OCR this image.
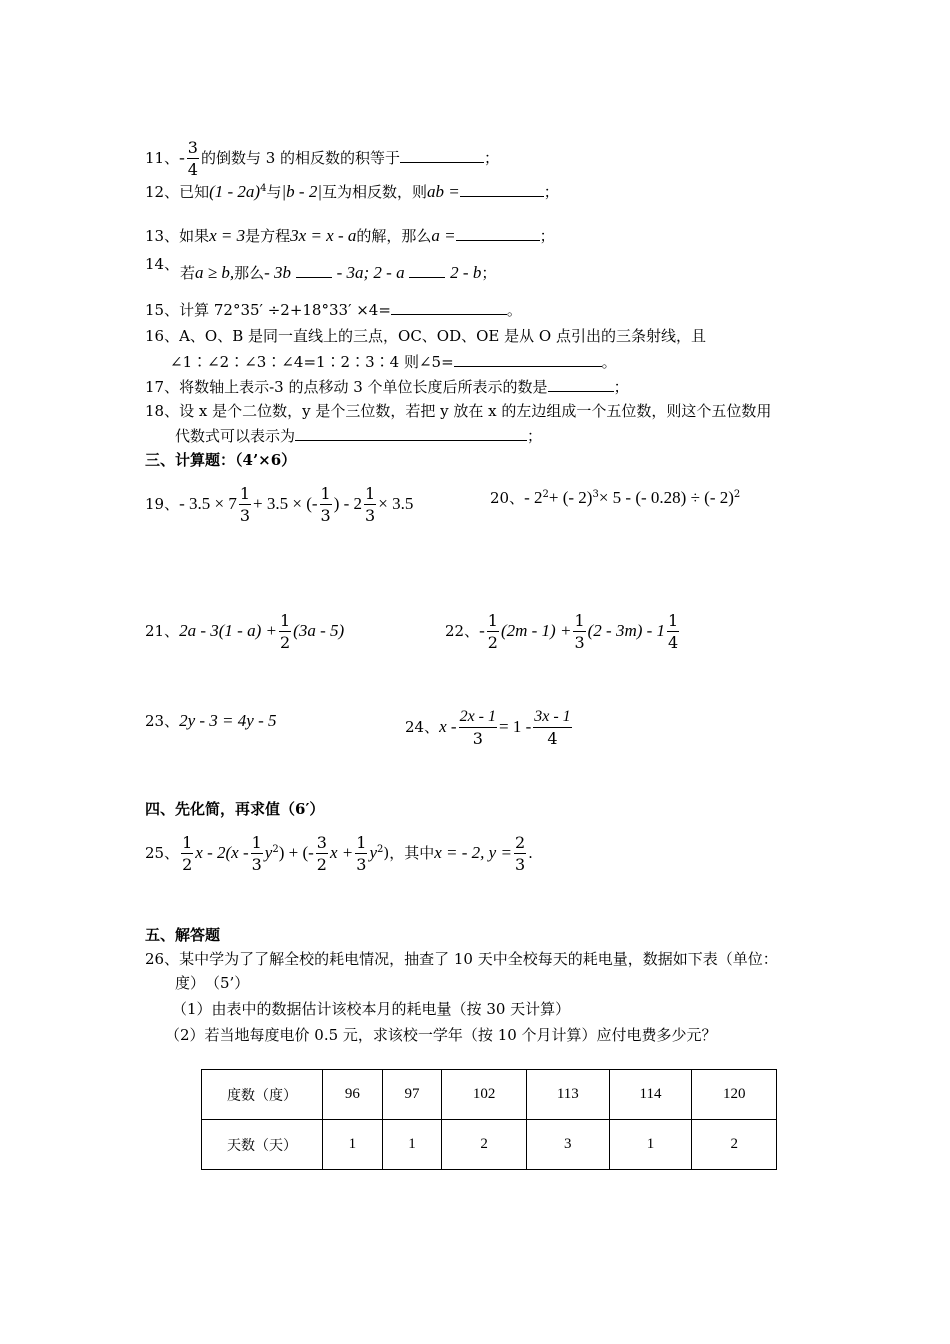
11、- $\frac{3}{4}$ 的倒数与 3 的相反数的积等于	；
12、已知(1 - 2a)$^4$与|b - 2|互为相反数，则ab =	；
13、如果x = 3是方程3x = x - a的解，那么a =	；
14、 若a ≥ b,那么- 3b	- 3a; 2 - a	2 - b；
15、计算 72°35′ ÷2+18°33′ ×4=	。
16、A、O、B 是同一直线上的三点，OC、OD、OE 是从 O 点引出的三条射线，且
∠1∶∠2∶∠3∶∠4=1∶2∶3∶4 则∠5=	。
17、将数轴上表示-3 的点移动 3 个单位长度后所表示的数是	；
18、设 x 是个二位数，y 是个三位数，若把 y 放在 x 的左边组成一个五位数，则这个五位数用
代数式可以表示为	；
三、计算题：（4’×6）
19、- $3.5 \times 7 \frac{1}{3} + 3.5$ × (- $\frac{1}{3}$ ) - $2 \frac{1}{3} \times 3.5$	20、- $2^2+$ (- 2)$^3$× 5 - (- 0.28) ÷ (- 2)$^2$
21、$2a - 3(1 - a) + \frac{1}{2} (3a - 5)$	22、- $\frac{1}{2} (2m - 1) + \frac{1}{3} (2 - 3m) - 1 \frac{1}{4}$
23、2y - 3 = 4y - 5	24、$x - \frac{2x - 1}{3} = 1 - \frac{3x - 1}{4}$
四、先化简，再求值（6′）
25、 $\frac{1}{2}$ x - $2(x - \frac{1}{3} y^2)$ + (- $\frac{3}{2}$ $x + \frac{1}{3} y^2$)，其中x = - 2, $y = \frac{2}{3}$ .
五、解答题
26、某中学为了了解全校的耗电情况，抽查了 10 天中全校每天的耗电量，数据如下表（单位：
度）　（5’）
（1）由表中的数据估计该校本月的耗电量（按 30 天计算）
（2）若当地每度电价 0.5 元，求该校一学年（按 10 个月计算）应付电费多少元？
度数（度）	96	97	102	113	114	120
天数（天）	1	1	2	3	1	2
